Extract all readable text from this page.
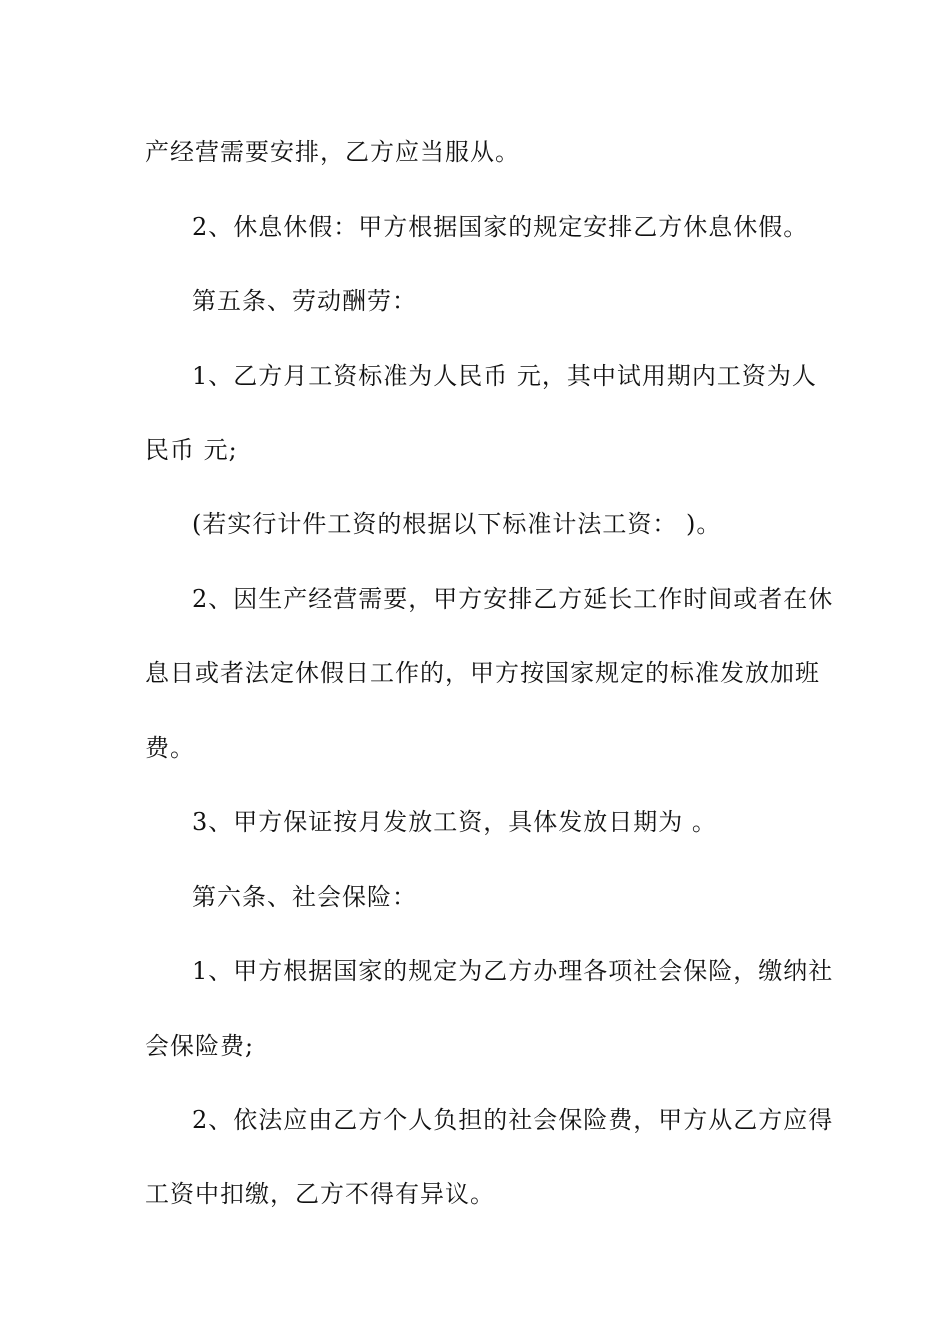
产经营需要安排，乙方应当服从。
2、休息休假：甲方根据国家的规定安排乙方休息休假。
第五条、劳动酬劳：
1、乙方月工资标准为人民币 元，其中试用期内工资为人
民币 元;
(若实行计件工资的根据以下标准计法工资： )。
2、因生产经营需要，甲方安排乙方延长工作时间或者在休
息日或者法定休假日工作的，甲方按国家规定的标准发放加班
费。
3、甲方保证按月发放工资，具体发放日期为 。
第六条、社会保险：
1、甲方根据国家的规定为乙方办理各项社会保险，缴纳社
会保险费;
2、依法应由乙方个人负担的社会保险费，甲方从乙方应得
工资中扣缴，乙方不得有异议。
